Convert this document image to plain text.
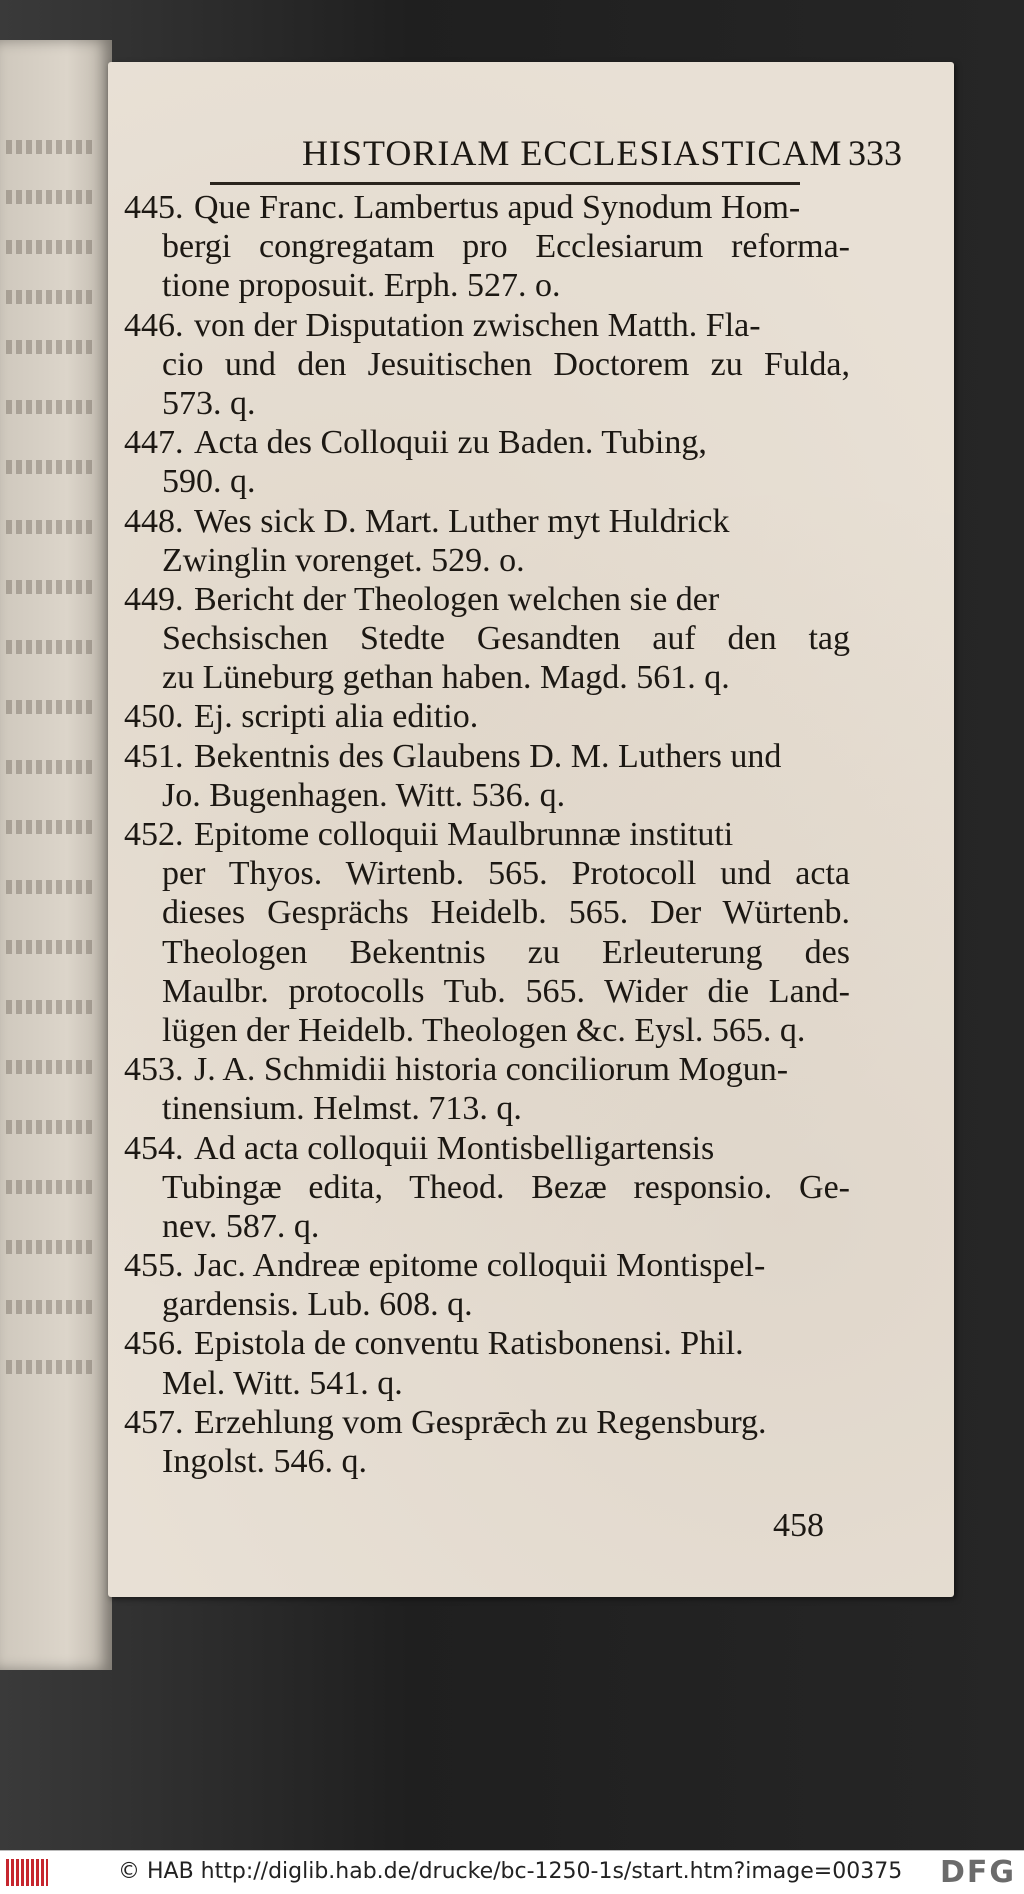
HISTORIAM ECCLESIASTICAM 333
445. Que Franc. Lambertus apud Synodum Hom-
bergi congregatam pro Ecclesiarum reforma-
tione proposuit. Erph. 527. o.
446. von der Disputation zwischen Matth. Fla-
cio und den Jesuitischen Doctorem zu Fulda,
573. q.
447. Acta des Colloquii zu Baden. Tubing,
590. q.
448. Wes sick D. Mart. Luther myt Huldrick
Zwinglin vorenget. 529. o.
449. Bericht der Theologen welchen sie der
Sechsischen Stedte Gesandten auf den tag
zu Lüneburg gethan haben. Magd. 561. q.
450. Ej. scripti alia editio.
451. Bekentnis des Glaubens D. M. Luthers und
Jo. Bugenhagen. Witt. 536. q.
452. Epitome colloquii Maulbrunnæ instituti
per Thyos. Wirtenb. 565. Protocoll und acta
dieses Gesprächs Heidelb. 565. Der Würtenb.
Theologen Bekentnis zu Erleuterung des
Maulbr. protocolls Tub. 565. Wider die Land-
lügen der Heidelb. Theologen &c. Eysl. 565. q.
453. J. A. Schmidii historia conciliorum Mogun-
tinensium. Helmst. 713. q.
454. Ad acta colloquii Montisbelligartensis
Tubingæ edita, Theod. Bezæ responsio. Ge-
nev. 587. q.
455. Jac. Andreæ epitome colloquii Montispel-
gardensis. Lub. 608. q.
456. Epistola de conventu Ratisbonensi. Phil.
Mel. Witt. 541. q.
457. Erzehlung vom Gesprǣch zu Regensburg.
Ingolst. 546. q.
458
© HAB http://diglib.hab.de/drucke/bc-1250-1s/start.htm?image=00375 DFG
